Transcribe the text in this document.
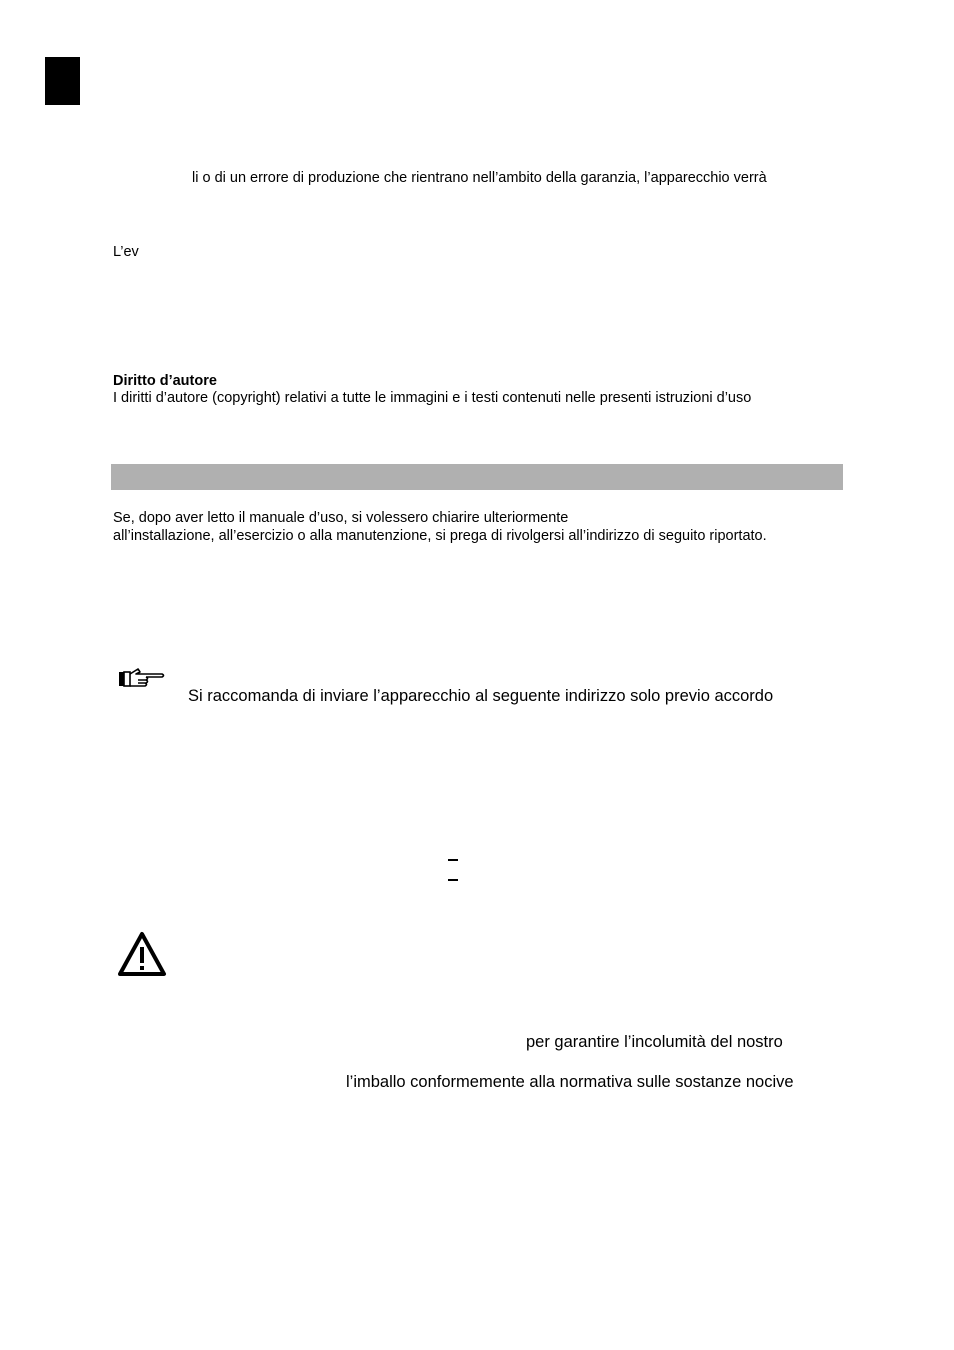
li o di un errore di produzione che rientrano nell’ambito della garanzia, l’apparecchio verrà
L’ev
Diritto d’autore
I diritti d’autore (copyright) relativi a tutte le immagini e i testi contenuti nelle presenti istruzioni d’uso
Se, dopo aver letto il manuale d’uso, si volessero chiarire ulteriormente
all’installazione, all’esercizio o alla manutenzione, si prega di rivolgersi all’indirizzo di seguito riportato.
Si raccomanda di inviare l’apparecchio al seguente indirizzo solo previo accordo
per garantire l’incolumità del nostro
l’imballo conformemente alla normativa sulle sostanze nocive
